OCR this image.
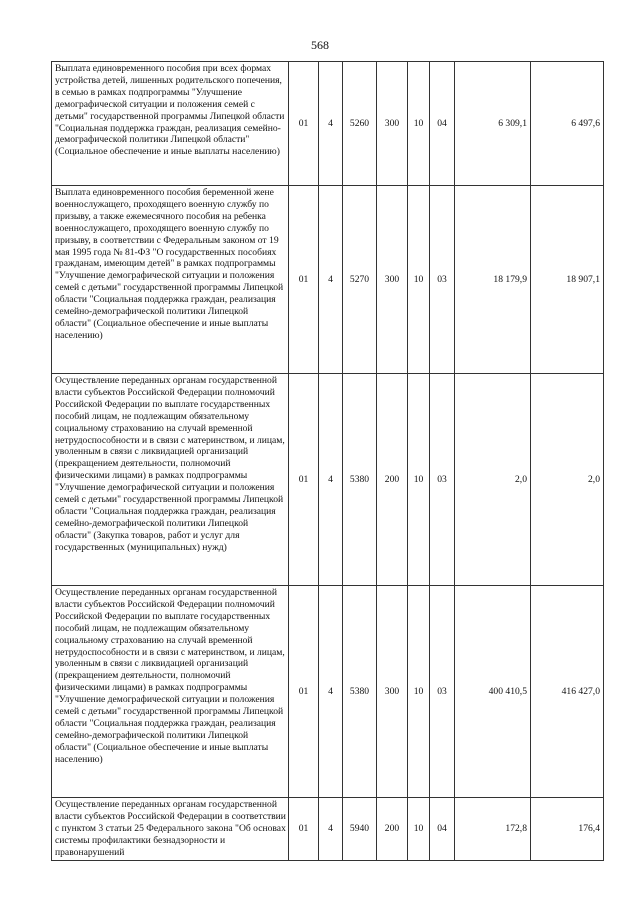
568
Выплата единовременного пособия при всех формах устройства детей, лишенных родительского попечения, в семью в рамках подпрограммы "Улучшение демографической ситуации и положения семей с детьми" государственной программы Липецкой области "Социальная поддержка граждан, реализация семейно-демографической политики Липецкой области" (Социальное обеспечение и иные выплаты населению)	01	4	5260	300	10	04	6 309,1	6 497,6
Выплата единовременного пособия беременной жене военнослужащего, проходящего военную службу по призыву, а также ежемесячного пособия на ребенка военнослужащего, проходящего военную службу по призыву, в соответствии с Федеральным законом от 19 мая 1995 года № 81-ФЗ "О государственных пособиях гражданам, имеющим детей" в рамках подпрограммы "Улучшение демографической ситуации и положения семей с детьми" государственной программы Липецкой области "Социальная поддержка граждан, реализация семейно-демографической политики Липецкой области" (Социальное обеспечение и иные выплаты населению)	01	4	5270	300	10	03	18 179,9	18 907,1
Осуществление переданных органам государственной власти субъектов Российской Федерации полномочий Российской Федерации по выплате государственных пособий лицам, не подлежащим обязательному социальному страхованию на случай временной нетрудоспособности и в связи с материнством, и лицам, уволенным в связи с ликвидацией организаций (прекращением деятельности, полномочий физическими лицами) в рамках подпрограммы "Улучшение демографической ситуации и положения семей с детьми" государственной программы Липецкой области "Социальная поддержка граждан, реализация семейно-демографической политики Липецкой области" (Закупка товаров, работ и услуг для государственных (муниципальных) нужд)	01	4	5380	200	10	03	2,0	2,0
Осуществление переданных органам государственной власти субъектов Российской Федерации полномочий Российской Федерации по выплате государственных пособий лицам, не подлежащим обязательному социальному страхованию на случай временной нетрудоспособности и в связи с материнством, и лицам, уволенным в связи с ликвидацией организаций (прекращением деятельности, полномочий физическими лицами) в рамках подпрограммы "Улучшение демографической ситуации и положения семей с детьми" государственной программы Липецкой области "Социальная поддержка граждан, реализация семейно-демографической политики Липецкой области" (Социальное обеспечение и иные выплаты населению)	01	4	5380	300	10	03	400 410,5	416 427,0
Осуществление переданных органам государственной власти субъектов Российской Федерации в соответствии с пунктом 3 статьи 25 Федерального закона "Об основах системы профилактики безнадзорности и правонарушений	01	4	5940	200	10	04	172,8	176,4
